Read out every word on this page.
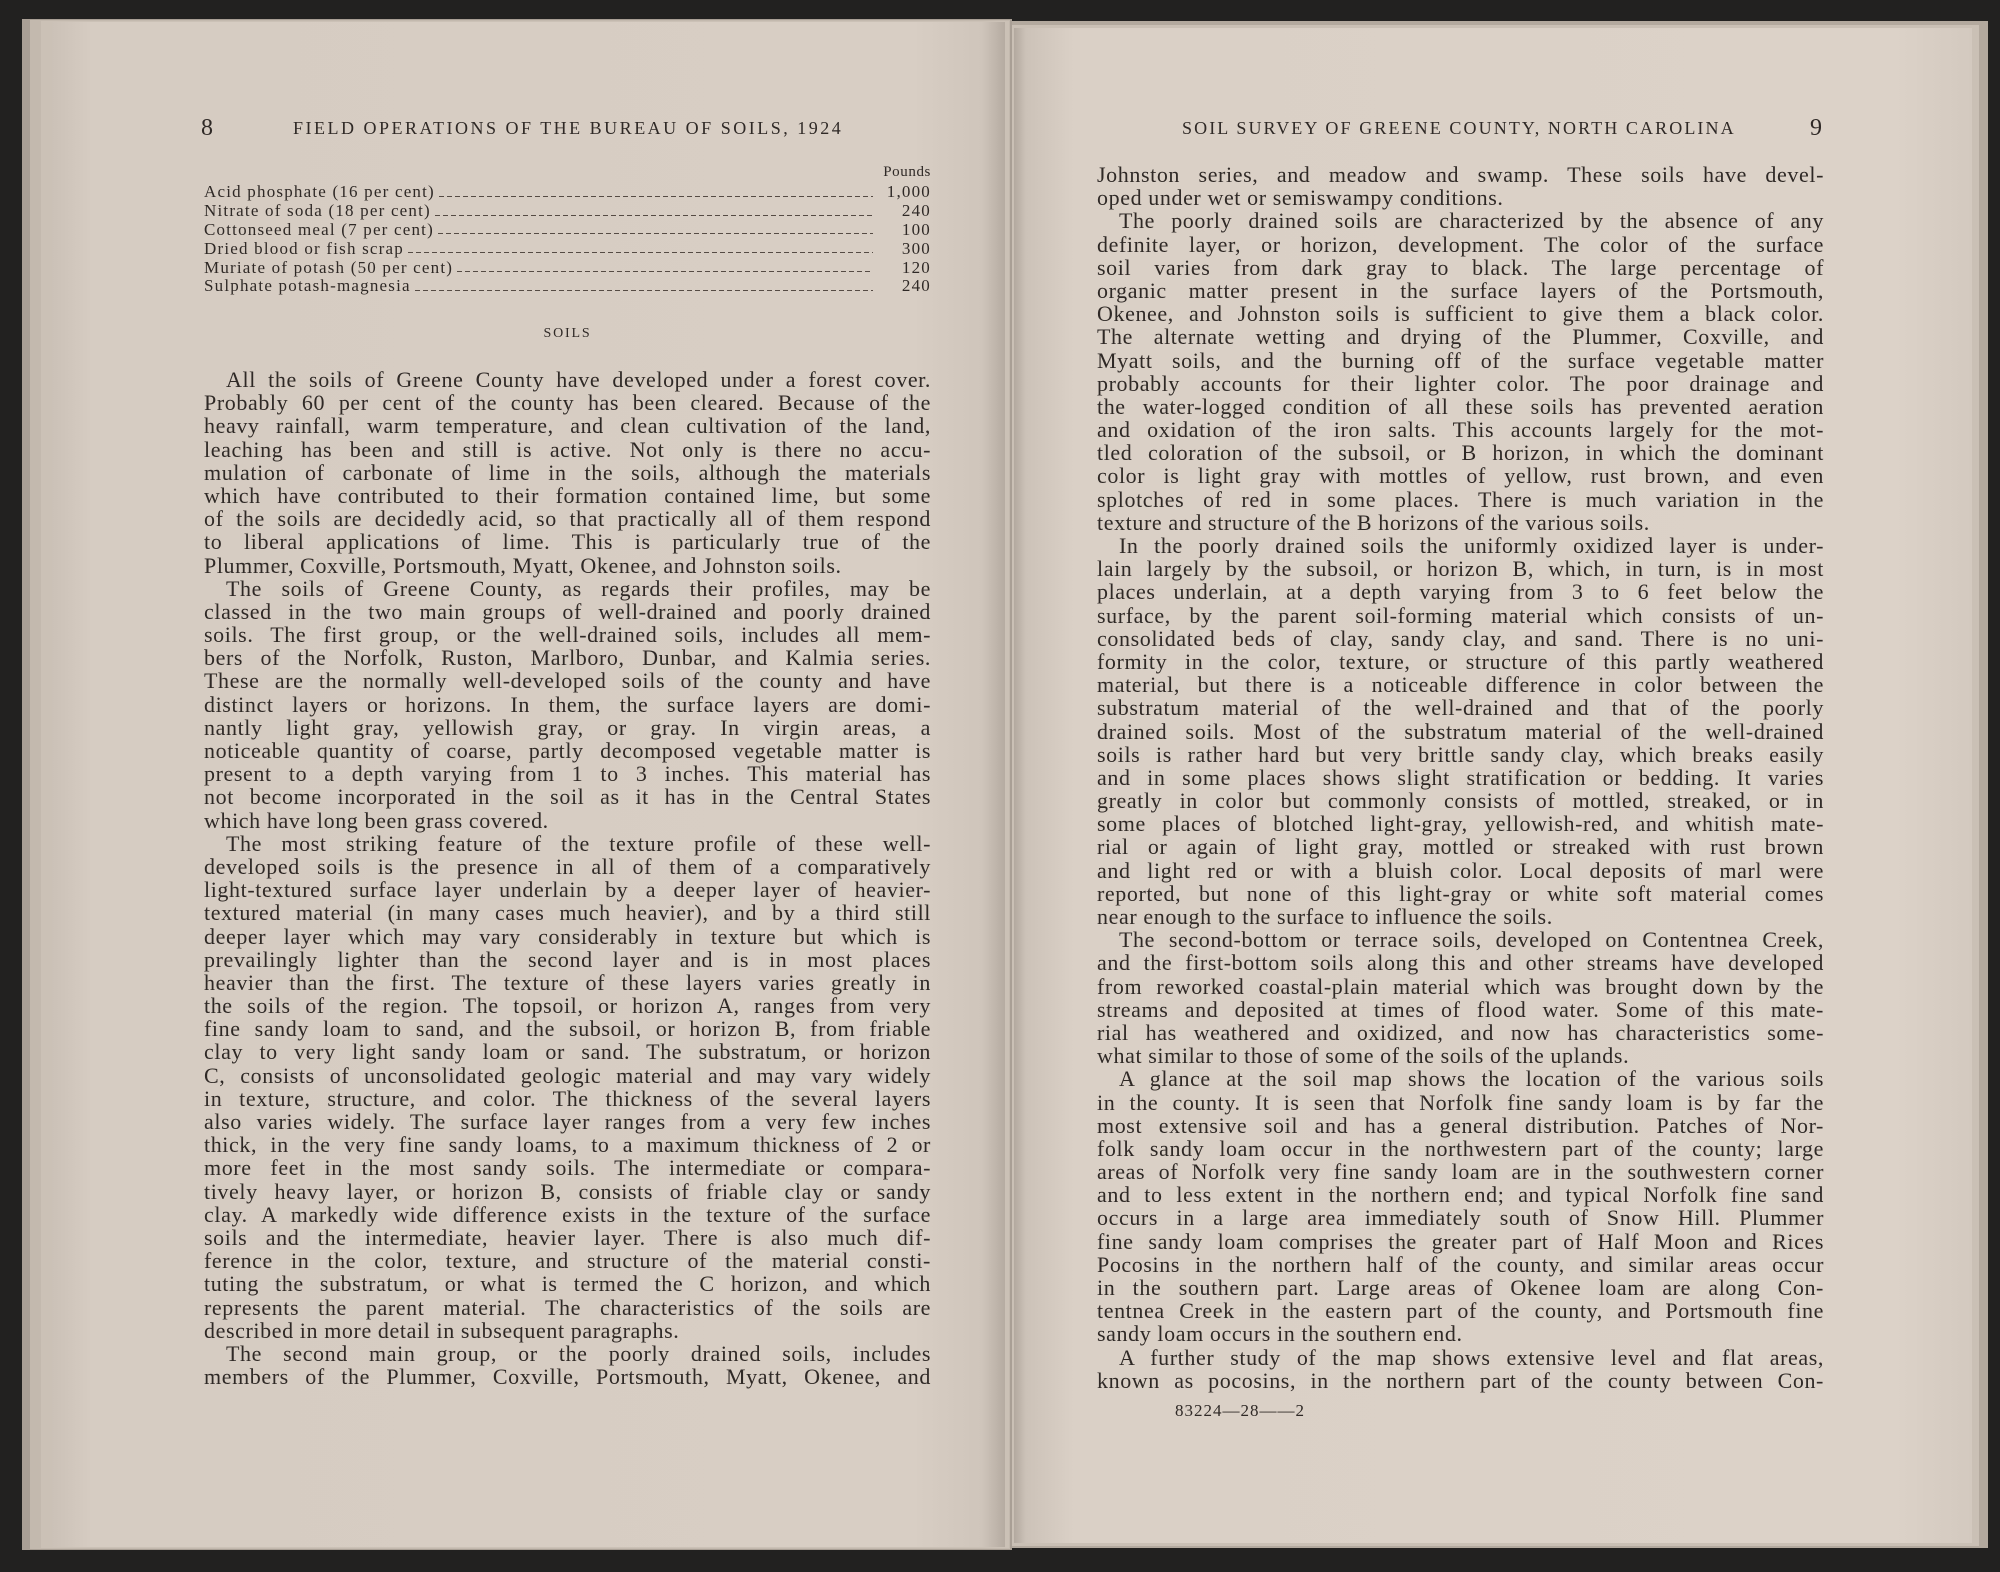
8	FIELD OPERATIONS OF THE BUREAU OF SOILS, 1924
Pounds
Acid phosphate (16 per cent)	1,000
Nitrate of soda (18 per cent)	240
Cottonseed meal (7 per cent)	100
Dried blood or fish scrap	300
Muriate of potash (50 per cent)	120
Sulphate potash-magnesia	240
SOILS
All the soils of Greene County have developed under a forest cover.
Probably 60 per cent of the county has been cleared. Because of the
heavy rainfall, warm temperature, and clean cultivation of the land,
leaching has been and still is active. Not only is there no accu-
mulation of carbonate of lime in the soils, although the materials
which have contributed to their formation contained lime, but some
of the soils are decidedly acid, so that practically all of them respond
to liberal applications of lime. This is particularly true of the
Plummer, Coxville, Portsmouth, Myatt, Okenee, and Johnston soils.
The soils of Greene County, as regards their profiles, may be
classed in the two main groups of well-drained and poorly drained
soils. The first group, or the well-drained soils, includes all mem-
bers of the Norfolk, Ruston, Marlboro, Dunbar, and Kalmia series.
These are the normally well-developed soils of the county and have
distinct layers or horizons. In them, the surface layers are domi-
nantly light gray, yellowish gray, or gray. In virgin areas, a
noticeable quantity of coarse, partly decomposed vegetable matter is
present to a depth varying from 1 to 3 inches. This material has
not become incorporated in the soil as it has in the Central States
which have long been grass covered.
The most striking feature of the texture profile of these well-
developed soils is the presence in all of them of a comparatively
light-textured surface layer underlain by a deeper layer of heavier-
textured material (in many cases much heavier), and by a third still
deeper layer which may vary considerably in texture but which is
prevailingly lighter than the second layer and is in most places
heavier than the first. The texture of these layers varies greatly in
the soils of the region. The topsoil, or horizon A, ranges from very
fine sandy loam to sand, and the subsoil, or horizon B, from friable
clay to very light sandy loam or sand. The substratum, or horizon
C, consists of unconsolidated geologic material and may vary widely
in texture, structure, and color. The thickness of the several layers
also varies widely. The surface layer ranges from a very few inches
thick, in the very fine sandy loams, to a maximum thickness of 2 or
more feet in the most sandy soils. The intermediate or compara-
tively heavy layer, or horizon B, consists of friable clay or sandy
clay. A markedly wide difference exists in the texture of the surface
soils and the intermediate, heavier layer. There is also much dif-
ference in the color, texture, and structure of the material consti-
tuting the substratum, or what is termed the C horizon, and which
represents the parent material. The characteristics of the soils are
described in more detail in subsequent paragraphs.
The second main group, or the poorly drained soils, includes
members of the Plummer, Coxville, Portsmouth, Myatt, Okenee, and
SOIL SURVEY OF GREENE COUNTY, NORTH CAROLINA	9
Johnston series, and meadow and swamp. These soils have devel-
oped under wet or semiswampy conditions.
The poorly drained soils are characterized by the absence of any
definite layer, or horizon, development. The color of the surface
soil varies from dark gray to black. The large percentage of
organic matter present in the surface layers of the Portsmouth,
Okenee, and Johnston soils is sufficient to give them a black color.
The alternate wetting and drying of the Plummer, Coxville, and
Myatt soils, and the burning off of the surface vegetable matter
probably accounts for their lighter color. The poor drainage and
the water-logged condition of all these soils has prevented aeration
and oxidation of the iron salts. This accounts largely for the mot-
tled coloration of the subsoil, or B horizon, in which the dominant
color is light gray with mottles of yellow, rust brown, and even
splotches of red in some places. There is much variation in the
texture and structure of the B horizons of the various soils.
In the poorly drained soils the uniformly oxidized layer is under-
lain largely by the subsoil, or horizon B, which, in turn, is in most
places underlain, at a depth varying from 3 to 6 feet below the
surface, by the parent soil-forming material which consists of un-
consolidated beds of clay, sandy clay, and sand. There is no uni-
formity in the color, texture, or structure of this partly weathered
material, but there is a noticeable difference in color between the
substratum material of the well-drained and that of the poorly
drained soils. Most of the substratum material of the well-drained
soils is rather hard but very brittle sandy clay, which breaks easily
and in some places shows slight stratification or bedding. It varies
greatly in color but commonly consists of mottled, streaked, or in
some places of blotched light-gray, yellowish-red, and whitish mate-
rial or again of light gray, mottled or streaked with rust brown
and light red or with a bluish color. Local deposits of marl were
reported, but none of this light-gray or white soft material comes
near enough to the surface to influence the soils.
The second-bottom or terrace soils, developed on Contentnea Creek,
and the first-bottom soils along this and other streams have developed
from reworked coastal-plain material which was brought down by the
streams and deposited at times of flood water. Some of this mate-
rial has weathered and oxidized, and now has characteristics some-
what similar to those of some of the soils of the uplands.
A glance at the soil map shows the location of the various soils
in the county. It is seen that Norfolk fine sandy loam is by far the
most extensive soil and has a general distribution. Patches of Nor-
folk sandy loam occur in the northwestern part of the county; large
areas of Norfolk very fine sandy loam are in the southwestern corner
and to less extent in the northern end; and typical Norfolk fine sand
occurs in a large area immediately south of Snow Hill. Plummer
fine sandy loam comprises the greater part of Half Moon and Rices
Pocosins in the northern half of the county, and similar areas occur
in the southern part. Large areas of Okenee loam are along Con-
tentnea Creek in the eastern part of the county, and Portsmouth fine
sandy loam occurs in the southern end.
A further study of the map shows extensive level and flat areas,
known as pocosins, in the northern part of the county between Con-
83224—28——2
